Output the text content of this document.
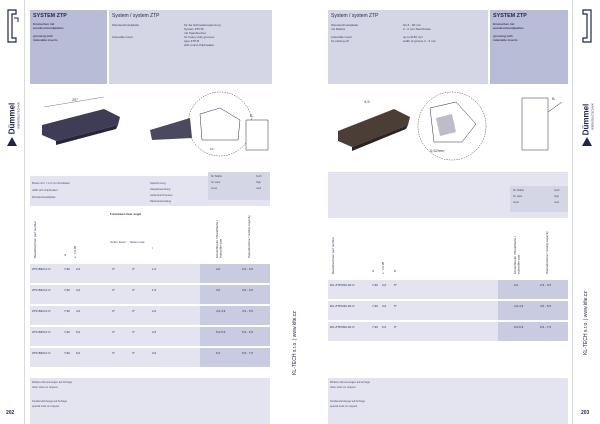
Dümmel WERKZEUGTECHNIK
202
SYSTEM ZTP
Einstechen mit
wendeschneidplatten
grooving with
indexable inserts
System / system ZTP
Wendeschneidplatte
indexable insert
für die Schneidenspannung
System ZTP-B
mit Spanbrecher
for heavy duty grooves
type ZTP-B
with round chipbreaker
25°
B
10°
Breite mit h = 2,2 mm Rundfasen
width with chipbreaker
Wendeschneidplatte
Spanformung
Hauptanwendung
Außendurchmesser
Nebenanwendung
für Stähle
for steel
Guss
hoch
high
med
Bestellnummer part number	H s ±0,05
Freiwinkel clear angel
Unten lower Seiten rear
r	Einstichbreite / Breitefläche / indexable type	Spanabnahme / cutting capacity
ZTP-B3/2,0 O	7,90 2,0	3°	3°	1,0	2,0	2,5 - 3,5
ZTP-B3/3,0 O	7,90 3,0	3°	3°	1,5	3,0	3,5 - 4,5
ZTP-B3/4,0 O	7,90 4,0	3°	3°	2,0	4,0-4,9	4,5 - 5,5
ZTP-B3/5,0 O	7,90 5,0	3°	3°	2,5	5,0-5,9	5,5 - 6,5
ZTP-B3/6,0 O	7,90 6,0	3°	3°	3,0	6,0	6,5 - 7,5
Weitere Abmessungen auf Anfrage
other sizes on request
Sonderwerkzeuge auf Anfrage
special tools on request
KL-TECH s.r.o. | www.klte.cz
System / system ZTP
Wendeschneidplatte
mit Radius
indexable insert
for parting off
bis 6 - 80 mm
2 - 6 mm Stechbreite
up to Ø 80 mm
width of groove 2 - 6 mm
SYSTEM ZTP
Einstechen mit
wendeschneidplatten
grooving with
indexable inserts
Dümmel WERKZEUGTECHNIK
KL-TECH s.r.o. | www.klte.cz
203
4,5
0,52mm
B
für Stähle
for steel
Guss
hoch
high
med
Bestellnummer part number	H s ±0,05	B	Einstichbreite / Breitefläche / indexable type	Spanabnahme / cutting capacity
R/L ZTP3/20-30 O	7,90 2,0	5°	2,0	2,5 - 3,5
R/L ZTP3/40-30 O	7,90 4,0	5°	4,0-4,9	4,5 - 5,5
R/L ZTP3/60-30 O	7,90 6,0	5°	6,0-6,9	6,5 - 7,5
Weitere Abmessungen auf Anfrage
other sizes on request
Sonderwerkzeuge auf Anfrage
special tools on request
